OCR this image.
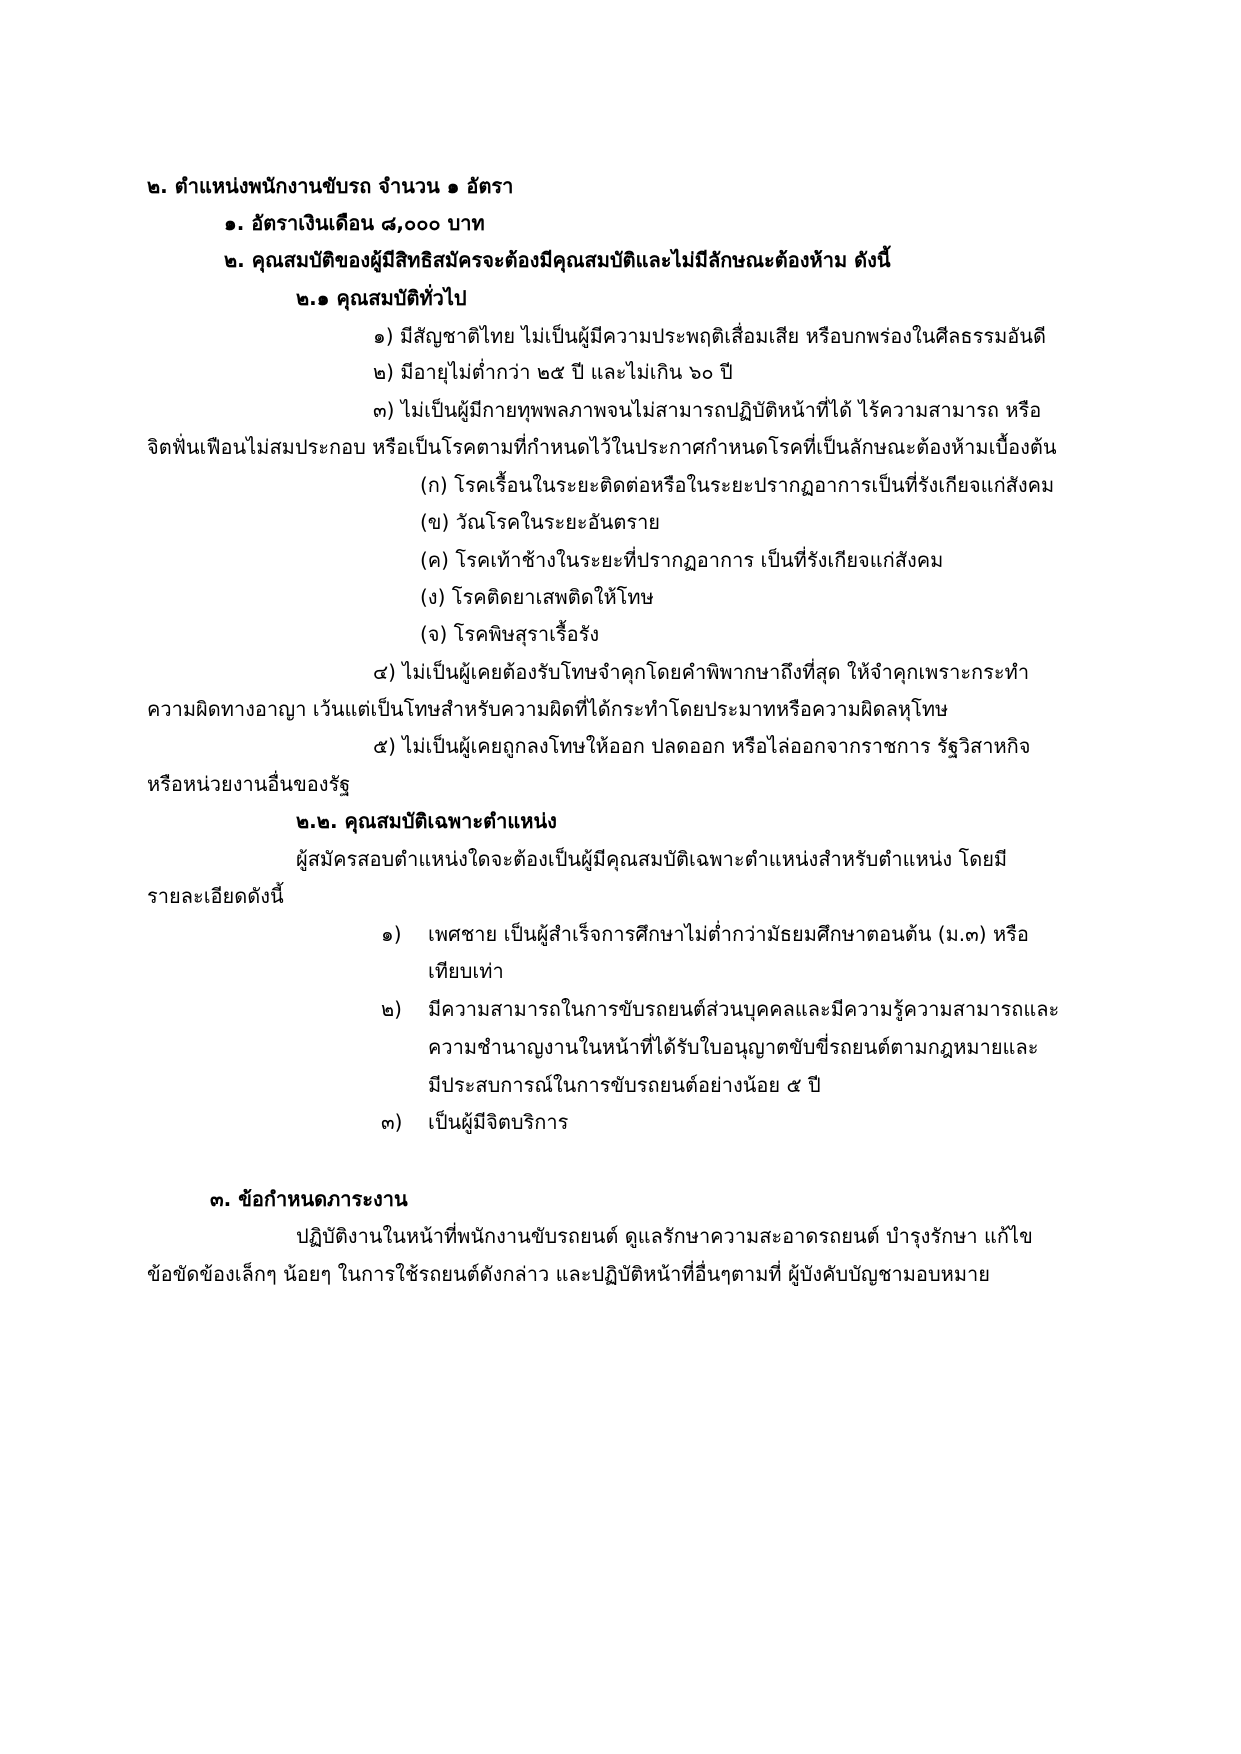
๒. ตำแหน่งพนักงานขับรถ จำนวน ๑ อัตรา
๑. อัตราเงินเดือน ๘,๐๐๐ บาท
๒. คุณสมบัติของผู้มีสิทธิสมัครจะต้องมีคุณสมบัติและไม่มีลักษณะต้องห้าม ดังนี้
๒.๑ คุณสมบัติทั่วไป
๑) มีสัญชาติไทย ไม่เป็นผู้มีความประพฤติเสื่อมเสีย หรือบกพร่องในศีลธรรมอันดี
๒) มีอายุไม่ต่ำกว่า ๒๕ ปี และไม่เกิน ๖๐ ปี
๓) ไม่เป็นผู้มีกายทุพพลภาพจนไม่สามารถปฏิบัติหน้าที่ได้ ไร้ความสามารถ หรือ
จิตฟั่นเฟือนไม่สมประกอบ หรือเป็นโรคตามที่กำหนดไว้ในประกาศกำหนดโรคที่เป็นลักษณะต้องห้ามเบื้องต้น
(ก) โรคเรื้อนในระยะติดต่อหรือในระยะปรากฏอาการเป็นที่รังเกียจแก่สังคม
(ข) วัณโรคในระยะอันตราย
(ค) โรคเท้าช้างในระยะที่ปรากฏอาการ เป็นที่รังเกียจแก่สังคม
(ง) โรคติดยาเสพติดให้โทษ
(จ) โรคพิษสุราเรื้อรัง
๔) ไม่เป็นผู้เคยต้องรับโทษจำคุกโดยคำพิพากษาถึงที่สุด ให้จำคุกเพราะกระทำ
ความผิดทางอาญา เว้นแต่เป็นโทษสำหรับความผิดที่ได้กระทำโดยประมาทหรือความผิดลหุโทษ
๕) ไม่เป็นผู้เคยถูกลงโทษให้ออก ปลดออก หรือไล่ออกจากราชการ รัฐวิสาหกิจ
หรือหน่วยงานอื่นของรัฐ
๒.๒. คุณสมบัติเฉพาะตำแหน่ง
ผู้สมัครสอบตำแหน่งใดจะต้องเป็นผู้มีคุณสมบัติเฉพาะตำแหน่งสำหรับตำแหน่ง โดยมี
รายละเอียดดังนี้
๑) เพศชาย เป็นผู้สำเร็จการศึกษาไม่ต่ำกว่ามัธยมศึกษาตอนต้น (ม.๓) หรือ
เทียบเท่า
๒) มีความสามารถในการขับรถยนต์ส่วนบุคคลและมีความรู้ความสามารถและ
ความชำนาญงานในหน้าที่ได้รับใบอนุญาตขับขี่รถยนต์ตามกฎหมายและ
มีประสบการณ์ในการขับรถยนต์อย่างน้อย ๕ ปี
๓) เป็นผู้มีจิตบริการ
๓. ข้อกำหนดภาระงาน
ปฏิบัติงานในหน้าที่พนักงานขับรถยนต์ ดูแลรักษาความสะอาดรถยนต์ บำรุงรักษา แก้ไข
ข้อขัดข้องเล็กๆ น้อยๆ ในการใช้รถยนต์ดังกล่าว และปฏิบัติหน้าที่อื่นๆตามที่ ผู้บังคับบัญชามอบหมาย
